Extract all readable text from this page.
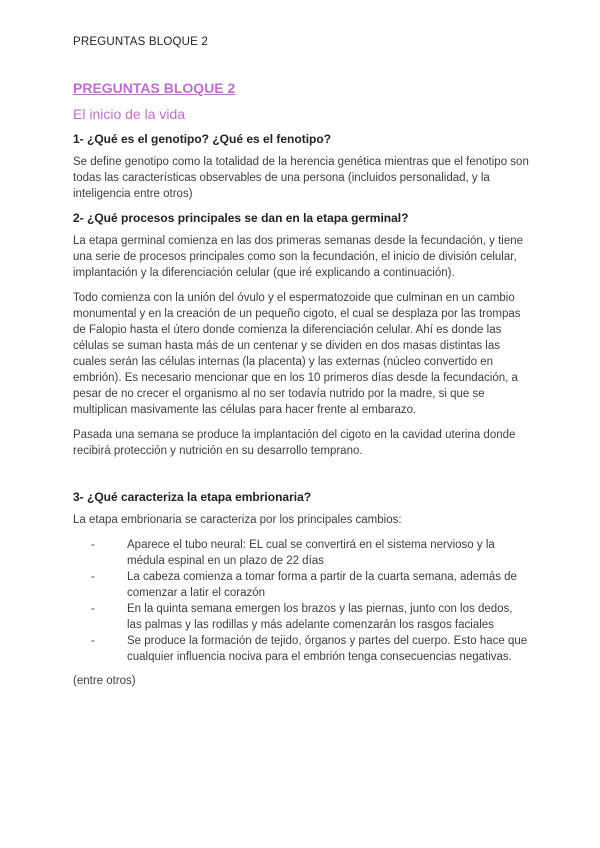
PREGUNTAS BLOQUE 2
PREGUNTAS BLOQUE 2
El inicio de la vida
1- ¿Qué es el genotipo? ¿Qué es el fenotipo?

Se define genotipo como la totalidad de la herencia genética mientras que el fenotipo son todas las características observables de una persona (incluidos personalidad, y la inteligencia entre otros)

2- ¿Qué procesos principales se dan en la etapa germinal?

La etapa germinal comienza en las dos primeras semanas desde la fecundación, y tiene una serie de procesos principales como son la fecundación, el inicio de división celular, implantación y la diferenciación celular (que iré explicando a continuación).

Todo comienza con la unión del óvulo y el espermatozoide que culminan en un cambio monumental y en la creación de un pequeño cigoto, el cual se desplaza por las trompas de Falopio hasta el útero donde comienza la diferenciación celular. Ahí es donde las células se suman hasta más de un centenar y se dividen en dos masas distintas las cuales serán las células internas (la placenta) y las externas (núcleo convertido en embrión). Es necesario mencionar que en los 10 primeros días desde la fecundación, a pesar de no crecer el organismo al no ser todavía nutrido por la madre, si que se multiplican masivamente las células para hacer frente al embarazo.

Pasada una semana se produce la implantación del cigoto en la cavidad uterina donde recibirá protección y nutrición en su desarrollo temprano.

3- ¿Qué caracteriza la etapa embrionaria?

La etapa embrionaria se caracteriza por los principales cambios:

-	Aparece el tubo neural: EL cual se convertirá en el sistema nervioso y la médula espinal en un plazo de 22 días
-	La cabeza comienza a tomar forma a partir de la cuarta semana, además de comenzar a latir el corazón
-	En la quinta semana emergen los brazos y las piernas, junto con los dedos, las palmas y las rodillas y más adelante comenzarán los rasgos faciales
-	Se produce la formación de tejido, órganos y partes del cuerpo. Esto hace que cualquier influencia nociva para el embrión tenga consecuencias negativas.

(entre otros)
